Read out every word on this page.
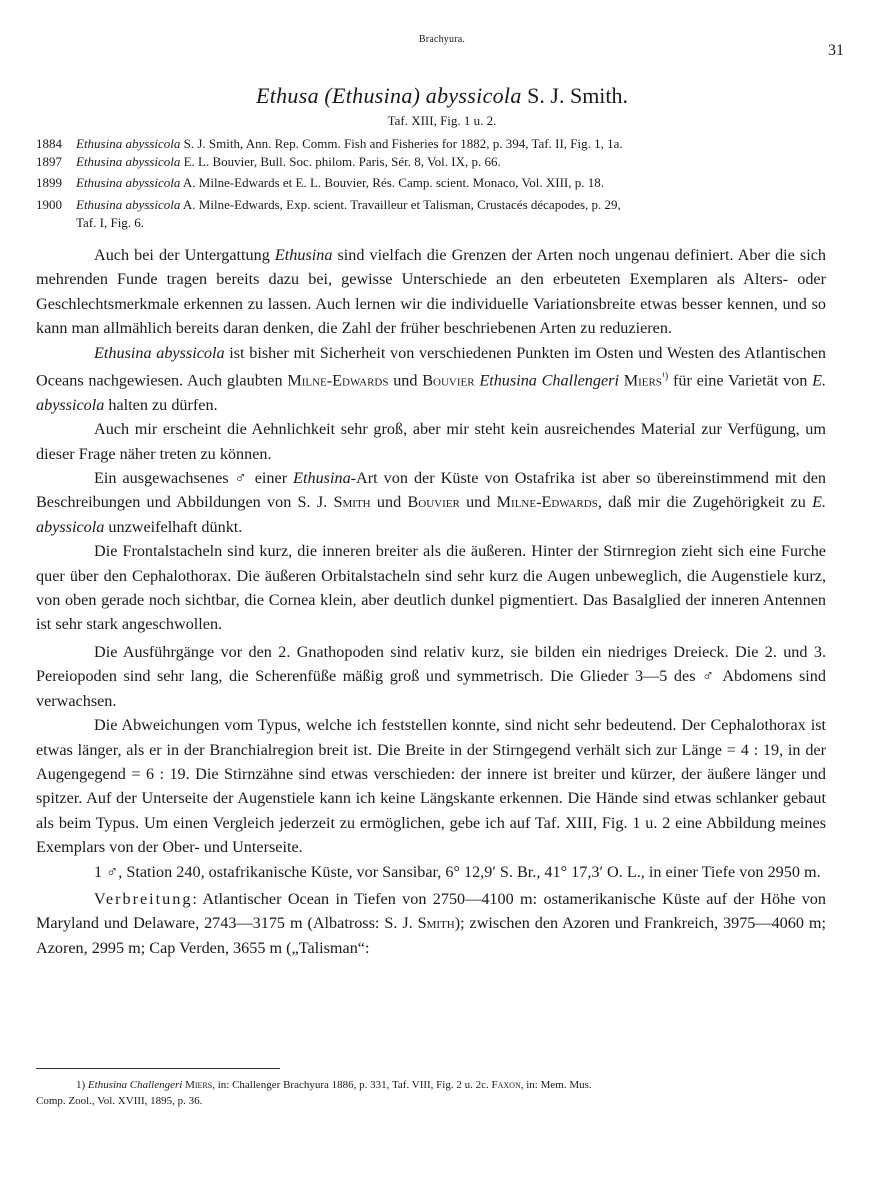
Brachyura.
31
Ethusa (Ethusina) abyssicola S. J. Smith.
Taf. XIII, Fig. 1 u. 2.
1884 Ethusina abyssicola S. J. Smith, Ann. Rep. Comm. Fish and Fisheries for 1882, p. 394, Taf. II, Fig. 1, 1a.
1897 Ethusina abyssicola E. L. Bouvier, Bull. Soc. philom. Paris, Sér. 8, Vol. IX, p. 66.
1899 Ethusina abyssicola A. Milne-Edwards et E. L. Bouvier, Rés. Camp. scient. Monaco, Vol. XIII, p. 18.
1900 Ethusina abyssicola A. Milne-Edwards, Exp. scient. Travailleur et Talisman, Crustacés décapodes, p. 29,
Taf. I, Fig. 6.

Auch bei der Untergattung Ethusina sind vielfach die Grenzen der Arten noch ungenau definiert. Aber die sich mehrenden Funde tragen bereits dazu bei, gewisse Unterschiede an den erbeuteten Exemplaren als Alters- oder Geschlechtsmerkmale erkennen zu lassen. Auch lernen wir die individuelle Variationsbreite etwas besser kennen, und so kann man allmählich bereits daran denken, die Zahl der früher beschriebenen Arten zu reduzieren.

Ethusina abyssicola ist bisher mit Sicherheit von verschiedenen Punkten im Osten und Westen des Atlantischen Oceans nachgewiesen. Auch glaubten Milne-Edwards und Bouvier Ethusina Challengeri Miers$^{^1)}$ für eine Varietät von E. abyssicola halten zu dürfen.

Auch mir erscheint die Aehnlichkeit sehr groß, aber mir steht kein ausreichendes Material zur Verfügung, um dieser Frage näher treten zu können.

Ein ausgewachsenes ♂ einer Ethusina-Art von der Küste von Ostafrika ist aber so übereinstimmend mit den Beschreibungen und Abbildungen von S. J. Smith und Bouvier und Milne-Edwards, daß mir die Zugehörigkeit zu E. abyssicola unzweifelhaft dünkt.

Die Frontalstacheln sind kurz, die inneren breiter als die äußeren. Hinter der Stirnregion zieht sich eine Furche quer über den Cephalothorax. Die äußeren Orbitalstacheln sind sehr kurz die Augen unbeweglich, die Augenstiele kurz, von oben gerade noch sichtbar, die Cornea klein, aber deutlich dunkel pigmentiert. Das Basalglied der inneren Antennen ist sehr stark angeschwollen.

Die Ausführgänge vor den 2. Gnathopoden sind relativ kurz, sie bilden ein niedriges Dreieck. Die 2. und 3. Pereiopoden sind sehr lang, die Scherenfüße mäßig groß und symmetrisch. Die Glieder 3—5 des ♂ Abdomens sind verwachsen.

Die Abweichungen vom Typus, welche ich feststellen konnte, sind nicht sehr bedeutend. Der Cephalothorax ist etwas länger, als er in der Branchialregion breit ist. Die Breite in der Stirngegend verhält sich zur Länge = 4 : 19, in der Augengegend = 6 : 19. Die Stirnzähne sind etwas verschieden: der innere ist breiter und kürzer, der äußere länger und spitzer. Auf der Unterseite der Augenstiele kann ich keine Längskante erkennen. Die Hände sind etwas schlanker gebaut als beim Typus. Um einen Vergleich jederzeit zu ermöglichen, gebe ich auf Taf. XIII, Fig. 1 u. 2 eine Abbildung meines Exemplars von der Ober- und Unterseite.

1 ♂, Station 240, ostafrikanische Küste, vor Sansibar, 6° 12,9′ S. Br., 41° 17,3′ O. L., in einer Tiefe von 2950 m.

Verbreitung: Atlantischer Ocean in Tiefen von 2750—4100 m: ostamerikanische Küste auf der Höhe von Maryland und Delaware, 2743—3175 m (Albatross: S. J. Smith); zwischen den Azoren und Frankreich, 3975—4060 m; Azoren, 2995 m; Cap Verden, 3655 m („Talisman“:

1) Ethusina Challengeri Miers, in: Challenger Brachyura 1886, p. 331, Taf. VIII, Fig. 2 u. 2c. Faxon, in: Mem. Mus.
Comp. Zool., Vol. XVIII, 1895, p. 36.
